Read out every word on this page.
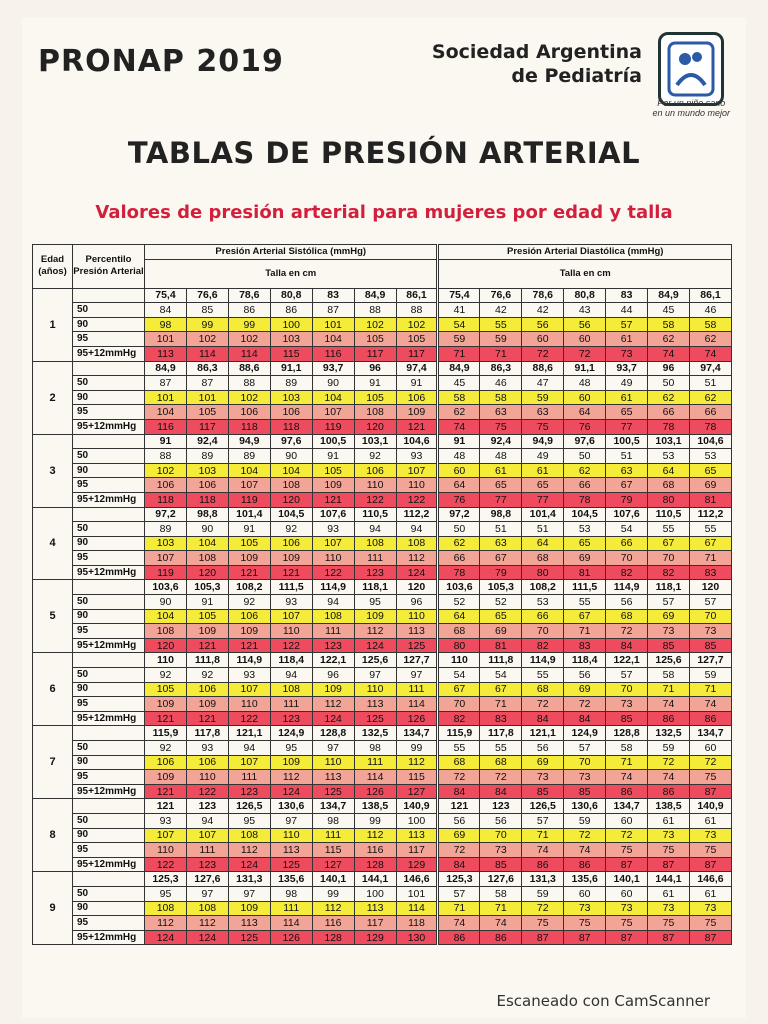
PRONAP 2019	Sociedad Argentina
de Pediatría
Por un niño sano
en un mundo mejor
TABLAS DE PRESIÓN ARTERIAL
Valores de presión arterial para mujeres por edad y talla
Edad (años)	Percentilo Presión Arterial	Presión Arterial Sistólica (mmHg)							Presión Arterial Diastólica (mmHg)						
		Talla en cm							Talla en cm						
1		75,4	76,6	78,6	80,8	83	84,9	86,1	75,4	76,6	78,6	80,8	83	84,9	86,1
	50	84	85	86	86	87	88	88	41	42	42	43	44	45	46
	90	98	99	99	100	101	102	102	54	55	56	56	57	58	58
	95	101	102	102	103	104	105	105	59	59	60	60	61	62	62
	95+12mmHg	113	114	114	115	116	117	117	71	71	72	72	73	74	74
2		84,9	86,3	88,6	91,1	93,7	96	97,4	84,9	86,3	88,6	91,1	93,7	96	97,4
	50	87	87	88	89	90	91	91	45	46	47	48	49	50	51
	90	101	101	102	103	104	105	106	58	58	59	60	61	62	62
	95	104	105	106	106	107	108	109	62	63	63	64	65	66	66
	95+12mmHg	116	117	118	118	119	120	121	74	75	75	76	77	78	78
3		91	92,4	94,9	97,6	100,5	103,1	104,6	91	92,4	94,9	97,6	100,5	103,1	104,6
	50	88	89	89	90	91	92	93	48	48	49	50	51	53	53
	90	102	103	104	104	105	106	107	60	61	61	62	63	64	65
	95	106	106	107	108	109	110	110	64	65	65	66	67	68	69
	95+12mmHg	118	118	119	120	121	122	122	76	77	77	78	79	80	81
4		97,2	98,8	101,4	104,5	107,6	110,5	112,2	97,2	98,8	101,4	104,5	107,6	110,5	112,2
	50	89	90	91	92	93	94	94	50	51	51	53	54	55	55
	90	103	104	105	106	107	108	108	62	63	64	65	66	67	67
	95	107	108	109	109	110	111	112	66	67	68	69	70	70	71
	95+12mmHg	119	120	121	121	122	123	124	78	79	80	81	82	82	83
5		103,6	105,3	108,2	111,5	114,9	118,1	120	103,6	105,3	108,2	111,5	114,9	118,1	120
	50	90	91	92	93	94	95	96	52	52	53	55	56	57	57
	90	104	105	106	107	108	109	110	64	65	66	67	68	69	70
	95	108	109	109	110	111	112	113	68	69	70	71	72	73	73
	95+12mmHg	120	121	121	122	123	124	125	80	81	82	83	84	85	85
6		110	111,8	114,9	118,4	122,1	125,6	127,7	110	111,8	114,9	118,4	122,1	125,6	127,7
	50	92	92	93	94	96	97	97	54	54	55	56	57	58	59
	90	105	106	107	108	109	110	111	67	67	68	69	70	71	71
	95	109	109	110	111	112	113	114	70	71	72	72	73	74	74
	95+12mmHg	121	121	122	123	124	125	126	82	83	84	84	85	86	86
7		115,9	117,8	121,1	124,9	128,8	132,5	134,7	115,9	117,8	121,1	124,9	128,8	132,5	134,7
	50	92	93	94	95	97	98	99	55	55	56	57	58	59	60
	90	106	106	107	109	110	111	112	68	68	69	70	71	72	72
	95	109	110	111	112	113	114	115	72	72	73	73	74	74	75
	95+12mmHg	121	122	123	124	125	126	127	84	84	85	85	86	86	87
8		121	123	126,5	130,6	134,7	138,5	140,9	121	123	126,5	130,6	134,7	138,5	140,9
	50	93	94	95	97	98	99	100	56	56	57	59	60	61	61
	90	107	107	108	110	111	112	113	69	70	71	72	72	73	73
	95	110	111	112	113	115	116	117	72	73	74	74	75	75	75
	95+12mmHg	122	123	124	125	127	128	129	84	85	86	86	87	87	87
9		125,3	127,6	131,3	135,6	140,1	144,1	146,6	125,3	127,6	131,3	135,6	140,1	144,1	146,6
	50	95	97	97	98	99	100	101	57	58	59	60	60	61	61
	90	108	108	109	111	112	113	114	71	71	72	73	73	73	73
	95	112	112	113	114	116	117	118	74	74	75	75	75	75	75
	95+12mmHg	124	124	125	126	128	129	130	86	86	87	87	87	87	87
Escaneado con CamScanner
